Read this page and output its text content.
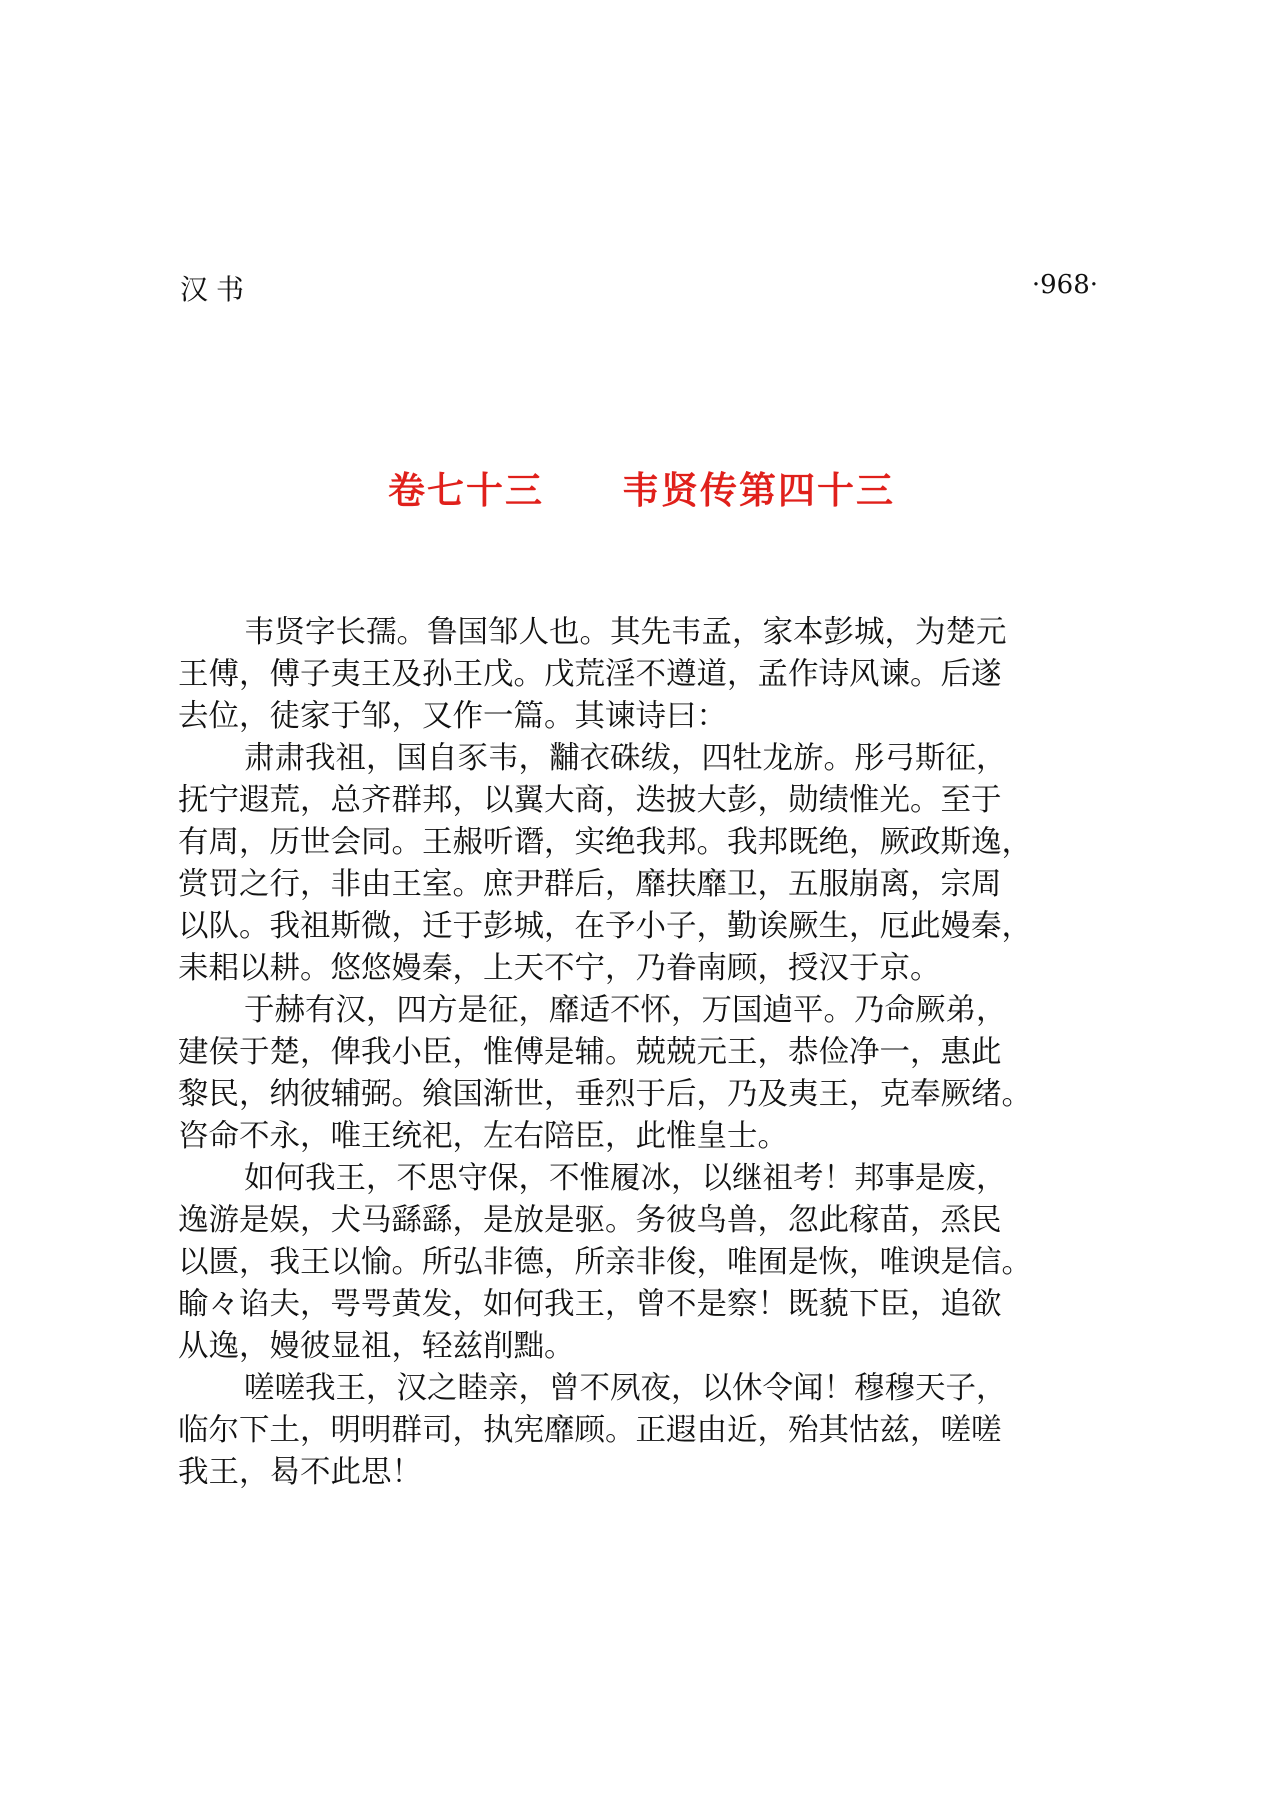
汉书	·968·
卷七十三 韦贤传第四十三
韦贤字长孺。鲁国邹人也。其先韦孟，家本彭城，为楚元
王傅，傅子夷王及孙王戊。戊荒淫不遵道，孟作诗风谏。后遂
去位，徒家于邹，又作一篇。其谏诗曰：
肃肃我祖，国自豕韦，黼衣硃绂，四牡龙旂。彤弓斯征，
抚宁遐荒，总齐群邦，以翼大商，迭披大彭，勋绩惟光。至于
有周，历世会同。王赧听谮，实绝我邦。我邦既绝，厥政斯逸，
赏罚之行，非由王室。庶尹群后，靡扶靡卫，五服崩离，宗周
以队。我祖斯微，迁于彭城，在予小子，勤诶厥生，厄此嫚秦，
耒耜以耕。悠悠嫚秦，上天不宁，乃眷南顾，授汉于京。
于赫有汉，四方是征，靡适不怀，万国逌平。乃命厥弟，
建侯于楚，俾我小臣，惟傅是辅。兢兢元王，恭俭净一，惠此
黎民，纳彼辅弼。飨国渐世，垂烈于后，乃及夷王，克奉厥绪。
咨命不永，唯王统祀，左右陪臣，此惟皇士。
如何我王，不思守保，不惟履冰，以继祖考！邦事是废，
逸游是娱，犬马繇繇，是放是驱。务彼鸟兽，忽此稼苗，烝民
以匮，我王以愉。所弘非德，所亲非俊，唯囿是恢，唯谀是信。
睮々谄夫，咢咢黄发，如何我王，曾不是察！既藐下臣，追欲
从逸，嫚彼显祖，轻兹削黜。
嗟嗟我王，汉之睦亲，曾不夙夜，以休令闻！穆穆天子，
临尔下土，明明群司，执宪靡顾。正遐由近，殆其怙兹，嗟嗟
我王，曷不此思！
